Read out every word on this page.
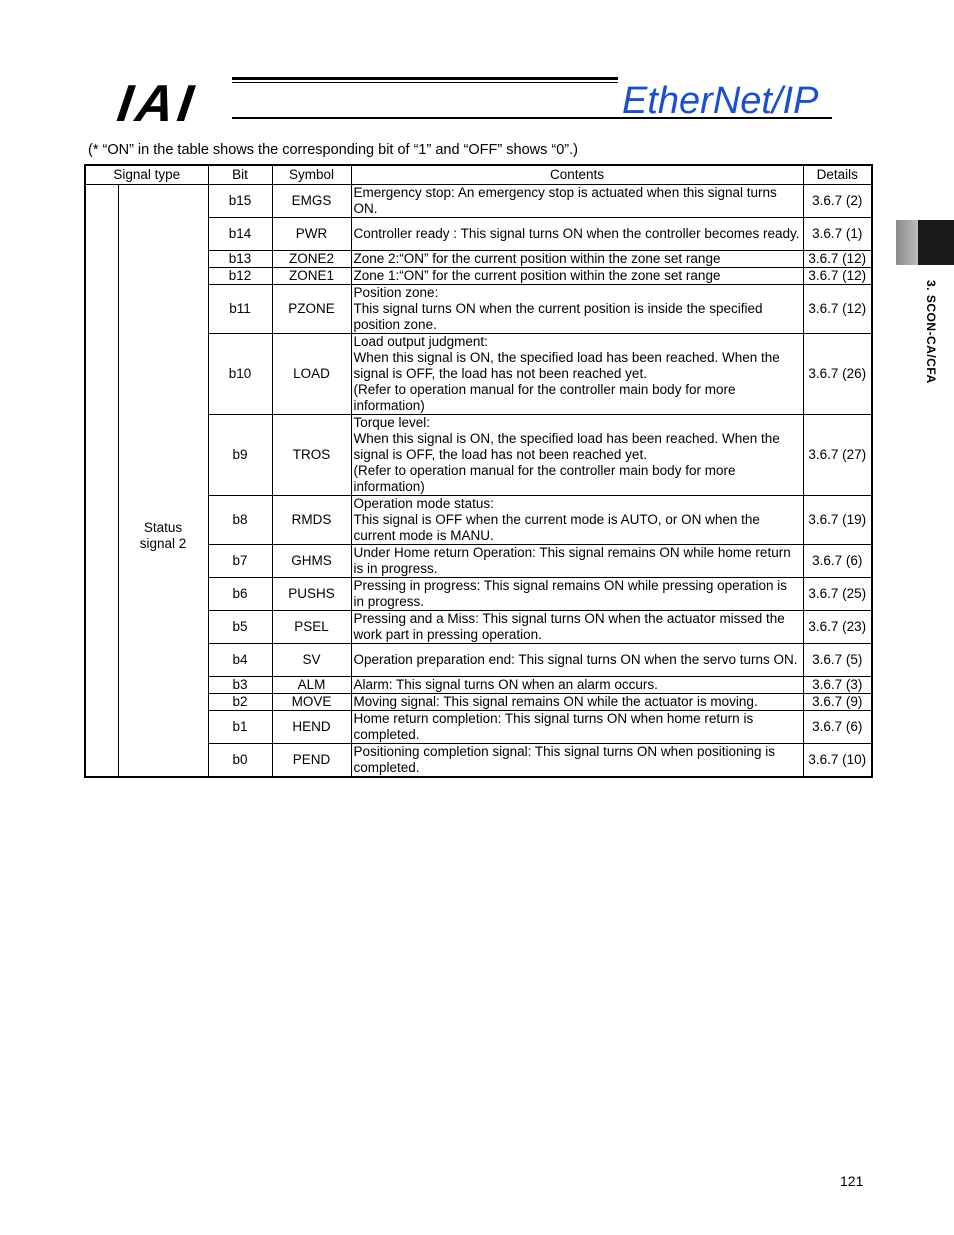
IAI	EtherNet/IP
3. SCON-CA/CFA
(* “ON” in the table shows the corresponding bit of “1” and “OFF” shows “0”.)
Signal type		Bit	Symbol	Contents	Details
	Status
signal 2	b15	EMGS	Emergency stop: An emergency stop is actuated when this signal turns ON.	3.6.7 (2)
		b14	PWR	Controller ready : This signal turns ON when the controller becomes ready.	3.6.7 (1)
		b13	ZONE2	Zone 2:“ON” for the current position within the zone set range	3.6.7 (12)
		b12	ZONE1	Zone 1:“ON” for the current position within the zone set range	3.6.7 (12)
		b11	PZONE	Position zone:
This signal turns ON when the current position is inside the specified position zone.	3.6.7 (12)
		b10	LOAD	Load output judgment:
When this signal is ON, the specified load has been reached. When the signal is OFF, the load has not been reached yet.
(Refer to operation manual for the controller main body for more information)	3.6.7 (26)
		b9	TROS	Torque level:
When this signal is ON, the specified load has been reached. When the signal is OFF, the load has not been reached yet.
(Refer to operation manual for the controller main body for more information)	3.6.7 (27)
		b8	RMDS	Operation mode status:
This signal is OFF when the current mode is AUTO, or ON when the current mode is MANU.	3.6.7 (19)
		b7	GHMS	Under Home return Operation: This signal remains ON while home return is in progress.	3.6.7 (6)
		b6	PUSHS	Pressing in progress: This signal remains ON while pressing operation is in progress.	3.6.7 (25)
		b5	PSEL	Pressing and a Miss: This signal turns ON when the actuator missed the work part in pressing operation.	3.6.7 (23)
		b4	SV	Operation preparation end: This signal turns ON when the servo turns ON.	3.6.7 (5)
		b3	ALM	Alarm: This signal turns ON when an alarm occurs.	3.6.7 (3)
		b2	MOVE	Moving signal: This signal remains ON while the actuator is moving.	3.6.7 (9)
		b1	HEND	Home return completion: This signal turns ON when home return is completed.	3.6.7 (6)
		b0	PEND	Positioning completion signal: This signal turns ON when positioning is completed.	3.6.7 (10)
121
